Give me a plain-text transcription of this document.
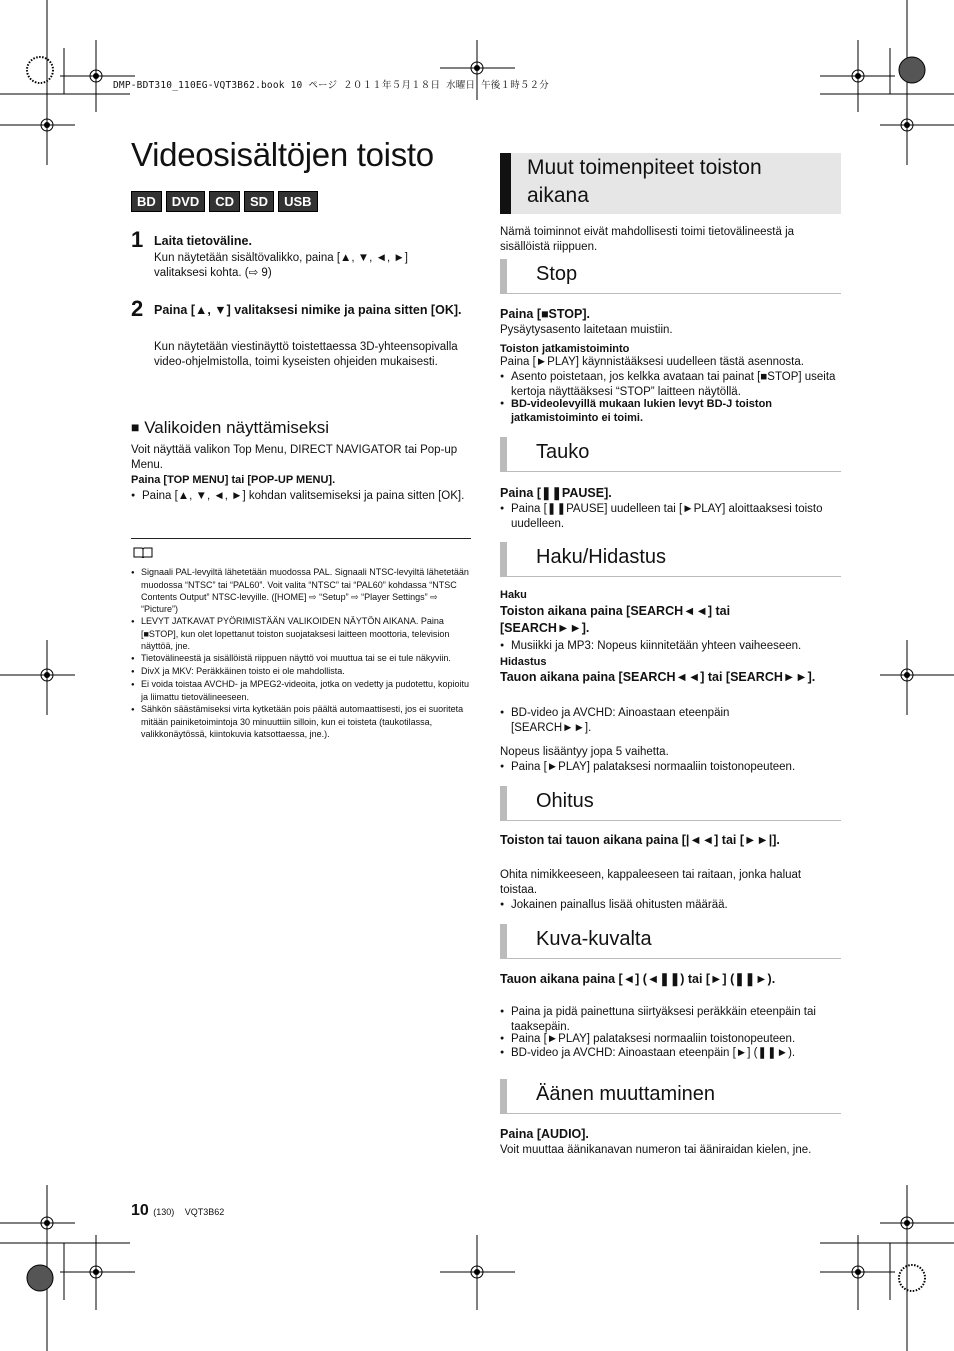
DMP-BDT310_110EG-VQT3B62.book 10 ページ ２０１１年５月１８日 水曜日 午後１時５２分
Videosisältöjen toisto
BD	DVD	CD	SD	USB
1 Laita tietoväline.
Kun näytetään sisältövalikko, paina [▲, ▼, ◄, ►] valitaksesi kohta. (⇨ 9)
2 Paina [▲, ▼] valitaksesi nimike ja paina sitten [OK].
Kun näytetään viestinäyttö toistettaessa 3D-yhteensopivalla video-ohjelmistolla, toimi kyseisten ohjeiden mukaisesti.
■ Valikoiden näyttämiseksi
Voit näyttää valikon Top Menu, DIRECT NAVIGATOR tai Pop-up Menu.
Paina [TOP MENU] tai [POP-UP MENU].
● Paina [▲, ▼, ◄, ►] kohdan valitsemiseksi ja paina sitten [OK].
● Signaali PAL-levyiltä lähetetään muodossa PAL. Signaali NTSC-levyiltä lähetetään muodossa “NTSC” tai “PAL60”. Voit valita “NTSC” tai “PAL60” kohdassa “NTSC Contents Output” NTSC-levyille. ([HOME] ⇨ “Setup” ⇨ “Player Settings” ⇨ “Picture”)
● LEVYT JATKAVAT PYÖRIMISTÄÄN VALIKOIDEN NÄYTÖN AIKANA. Paina [■STOP], kun olet lopettanut toiston suojataksesi laitteen moottoria, television näyttöä, jne.
● Tietovälineestä ja sisällöistä riippuen näyttö voi muuttua tai se ei tule näkyviin.
● DivX ja MKV: Peräkkäinen toisto ei ole mahdollista.
● Ei voida toistaa AVCHD- ja MPEG2-videoita, jotka on vedetty ja pudotettu, kopioitu ja liimattu tietovälineeseen.
● Sähkön säästämiseksi virta kytketään pois päältä automaattisesti, jos ei suoriteta mitään painiketoimintoja 30 minuuttiin silloin, kun ei toisteta (taukotilassa, valikkonäytössä, kiintokuvia katsottaessa, jne.).
Muut toimenpiteet toiston
aikana
Nämä toiminnot eivät mahdollisesti toimi tietovälineestä ja sisällöistä riippuen.
Stop
Paina [■STOP].
Pysäytysasento laitetaan muistiin.
Toiston jatkamistoiminto
Paina [►PLAY] käynnistääksesi uudelleen tästä asennosta.
● Asento poistetaan, jos kelkka avataan tai painat [■STOP] useita kertoja näyttääksesi “STOP” laitteen näytöllä.
● BD-videolevyillä mukaan lukien levyt BD-J toiston jatkamistoiminto ei toimi.
Tauko
Paina [❚❚PAUSE].
● Paina [❚❚PAUSE] uudelleen tai [►PLAY] aloittaaksesi toisto uudelleen.
Haku/Hidastus
Haku
Toiston aikana paina [SEARCH◄◄] tai [SEARCH►►].
● Musiikki ja MP3: Nopeus kiinnitetään yhteen vaiheeseen.
Hidastus
Tauon aikana paina [SEARCH◄◄] tai [SEARCH►►].
● BD-video ja AVCHD: Ainoastaan eteenpäin [SEARCH►►].
Nopeus lisääntyy jopa 5 vaihetta.
● Paina [►PLAY] palataksesi normaaliin toistonopeuteen.
Ohitus
Toiston tai tauon aikana paina [|◄◄] tai [►►|].
Ohita nimikkeeseen, kappaleeseen tai raitaan, jonka haluat toistaa.
● Jokainen painallus lisää ohitusten määrää.
Kuva-kuvalta
Tauon aikana paina [◄] (◄❚❚) tai [►] (❚❚►).
● Paina ja pidä painettuna siirtyäksesi peräkkäin eteenpäin tai taaksepäin.
● Paina [►PLAY] palataksesi normaaliin toistonopeuteen.
● BD-video ja AVCHD: Ainoastaan eteenpäin [►] (❚❚►).
Äänen muuttaminen
Paina [AUDIO].
Voit muuttaa äänikanavan numeron tai ääniraidan kielen, jne.
10 (130) VQT3B62
